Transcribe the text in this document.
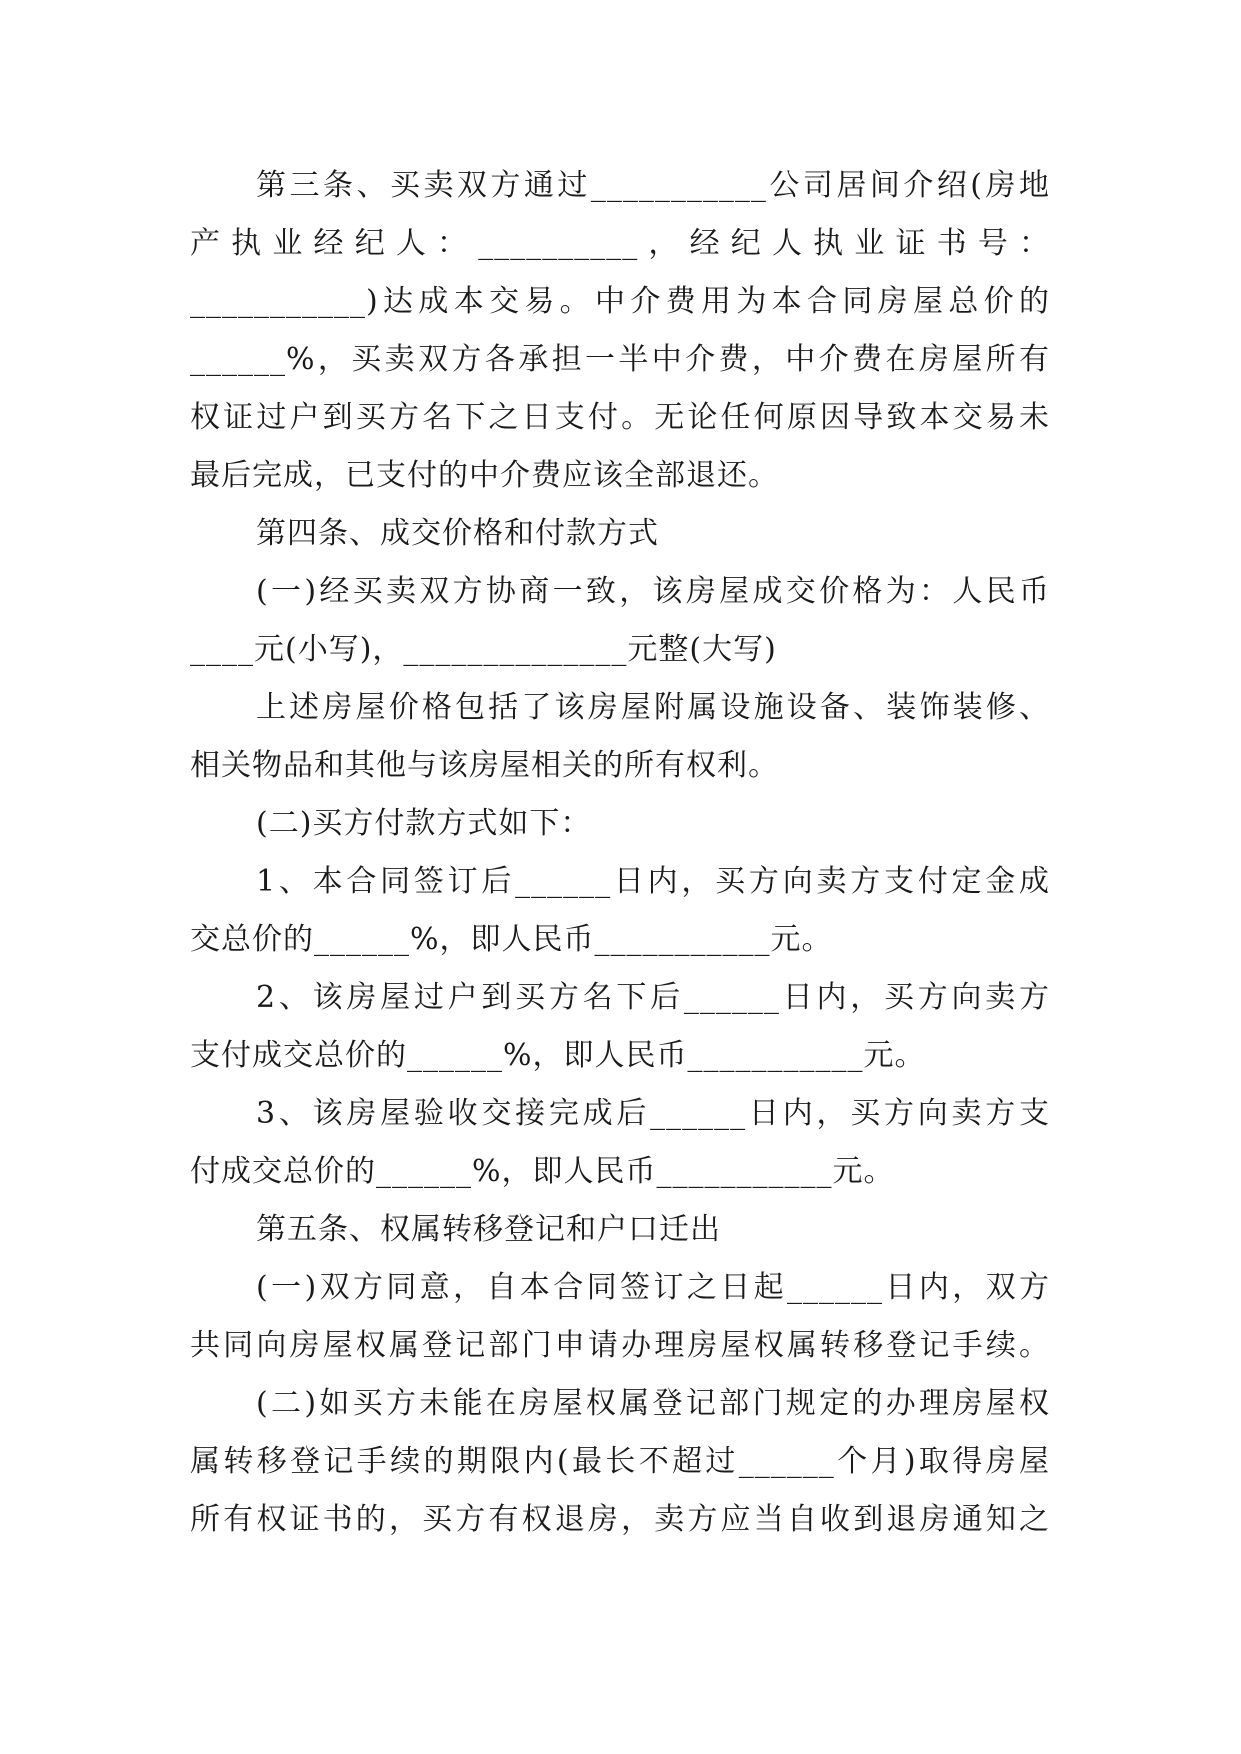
第三条、买卖双方通过___________公司居间介绍(房地
产执业经纪人：__________，经纪人执业证书号：
___________)达成本交易。中介费用为本合同房屋总价的
______%，买卖双方各承担一半中介费，中介费在房屋所有
权证过户到买方名下之日支付。无论任何原因导致本交易未
最后完成，已支付的中介费应该全部退还。
第四条、成交价格和付款方式
(一)经买卖双方协商一致，该房屋成交价格为：人民币
____元(小写)，______________元整(大写)
上述房屋价格包括了该房屋附属设施设备、装饰装修、
相关物品和其他与该房屋相关的所有权利。
(二)买方付款方式如下：
1、本合同签订后______日内，买方向卖方支付定金成
交总价的______%，即人民币___________元。
2、该房屋过户到买方名下后______日内，买方向卖方
支付成交总价的______%，即人民币___________元。
3、该房屋验收交接完成后______日内，买方向卖方支
付成交总价的______%，即人民币___________元。
第五条、权属转移登记和户口迁出
(一)双方同意，自本合同签订之日起______日内，双方
共同向房屋权属登记部门申请办理房屋权属转移登记手续。
(二)如买方未能在房屋权属登记部门规定的办理房屋权
属转移登记手续的期限内(最长不超过______个月)取得房屋
所有权证书的，买方有权退房，卖方应当自收到退房通知之
